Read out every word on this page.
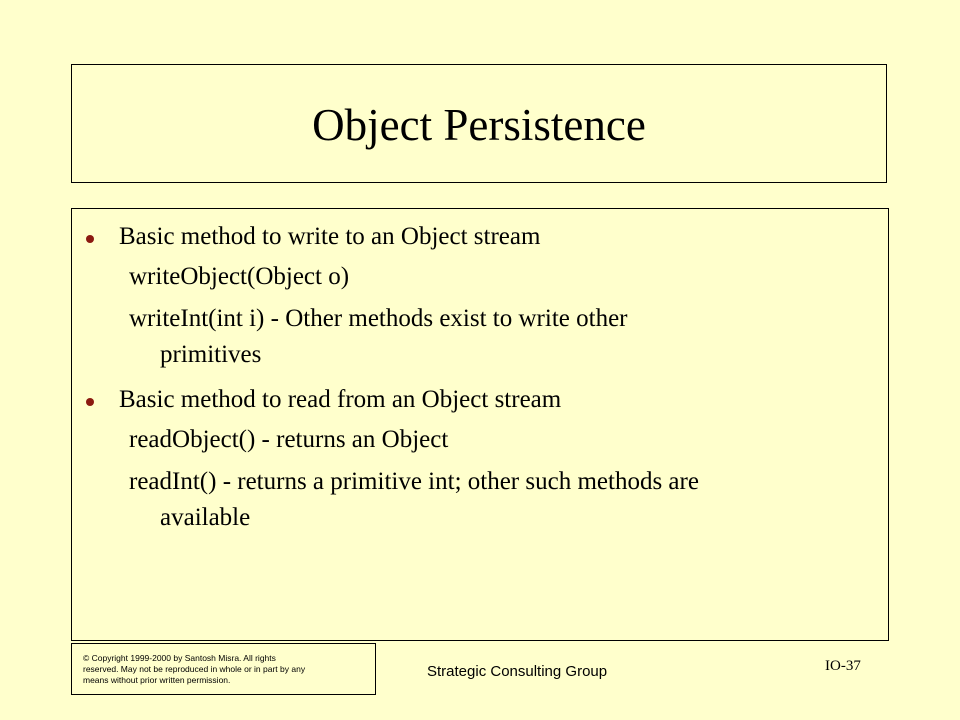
Object Persistence
Basic method to write to an Object stream
writeObject(Object o)
writeInt(int i) - Other methods exist to write other
primitives
Basic method to read from an Object stream
readObject() - returns an Object
readInt() - returns a primitive int; other such methods are
available
© Copyright 1999-2000 by Santosh Misra. All rights
reserved. May not be reproduced in whole or in part by any
means without prior written permission.	Strategic Consulting Group	IO-37
